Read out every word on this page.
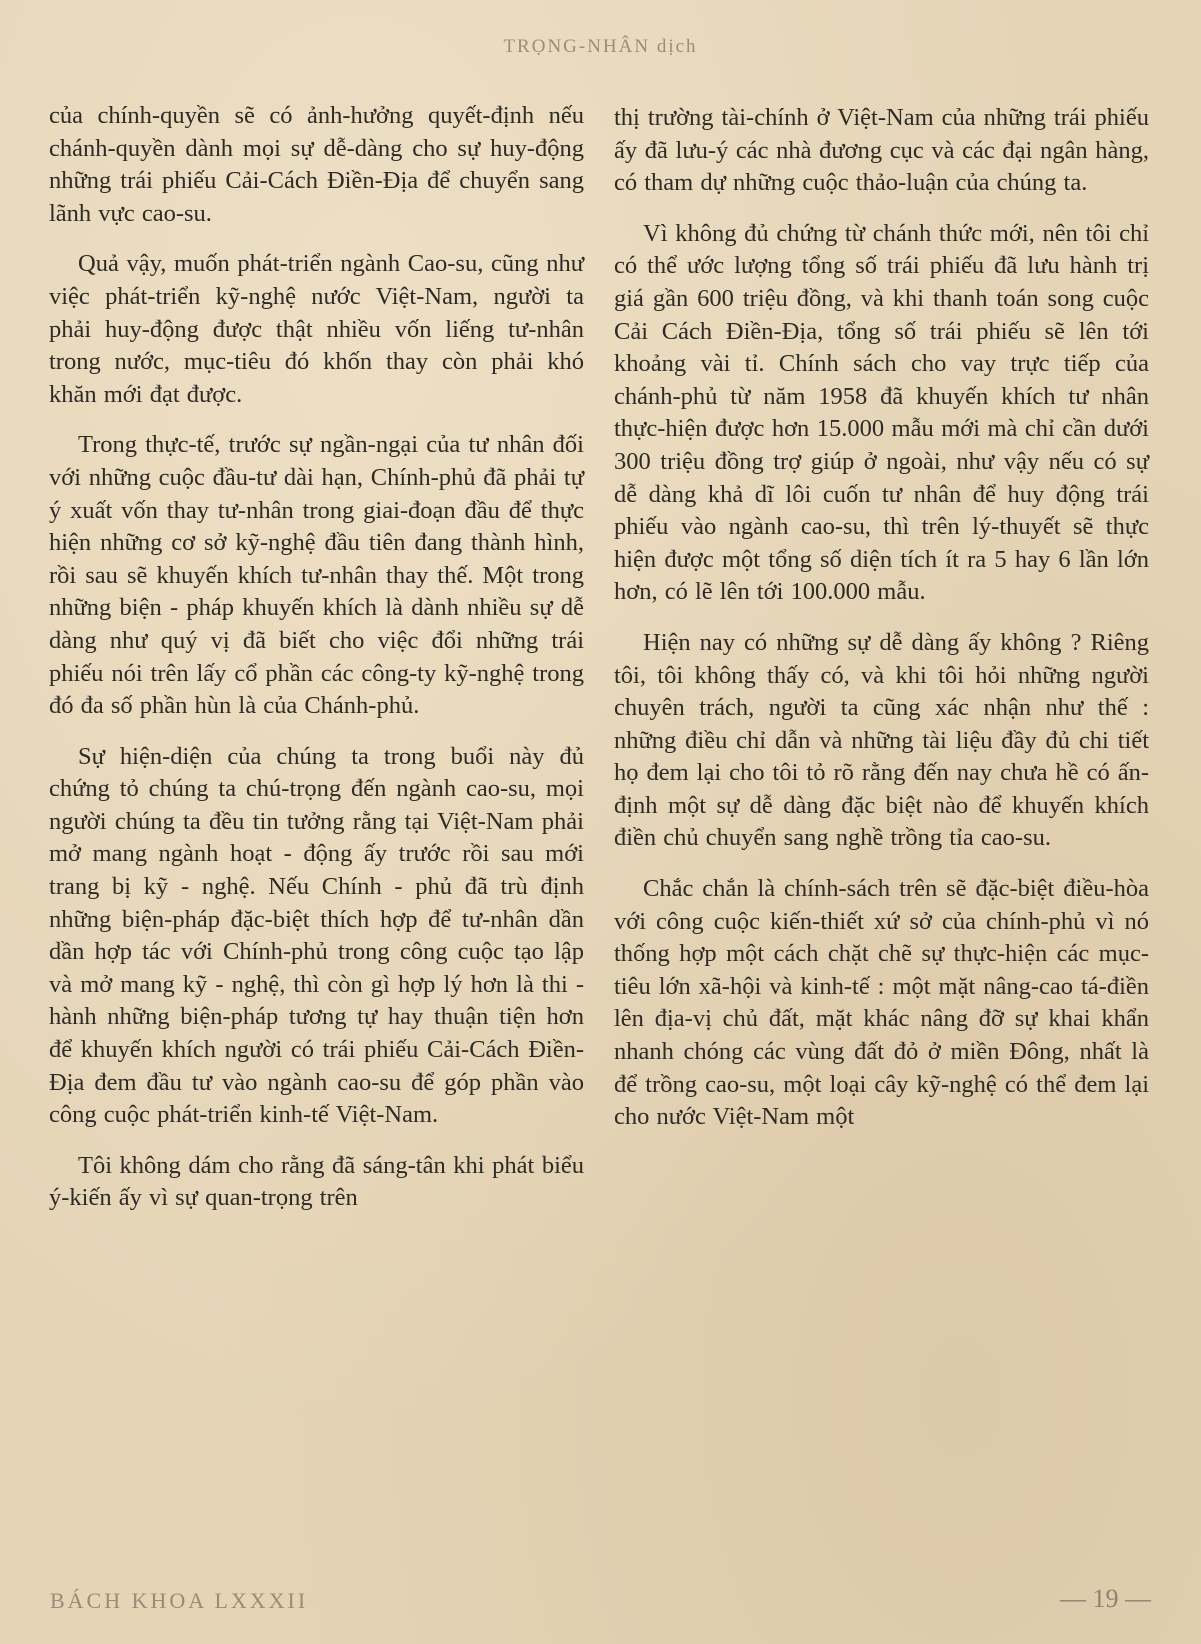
TRỌNG-NHÂN dịch

của chính-quyền sẽ có ảnh-hưởng quyết-định nếu chánh-quyền dành mọi sự dễ-dàng cho sự huy-động những trái phiếu Cải-Cách Điền-Địa để chuyển sang lãnh vực cao-su.

Quả vậy, muốn phát-triển ngành Cao-su, cũng như việc phát-triển kỹ-nghệ nước Việt-Nam, người ta phải huy-động được thật nhiều vốn liếng tư-nhân trong nước, mục-tiêu đó khốn thay còn phải khó khăn mới đạt được.

Trong thực-tế, trước sự ngần-ngại của tư nhân đối với những cuộc đầu-tư dài hạn, Chính-phủ đã phải tự ý xuất vốn thay tư-nhân trong giai-đoạn đầu để thực hiện những cơ sở kỹ-nghệ đầu tiên đang thành hình, rồi sau sẽ khuyến khích tư-nhân thay thế. Một trong những biện - pháp khuyến khích là dành nhiều sự dễ dàng như quý vị đã biết cho việc đổi những trái phiếu nói trên lấy cổ phần các công-ty kỹ-nghệ trong đó đa số phần hùn là của Chánh-phủ.

Sự hiện-diện của chúng ta trong buổi này đủ chứng tỏ chúng ta chú-trọng đến ngành cao-su, mọi người chúng ta đều tin tưởng rằng tại Việt-Nam phải mở mang ngành hoạt - động ấy trước rồi sau mới trang bị kỹ - nghệ. Nếu Chính - phủ đã trù định những biện-pháp đặc-biệt thích hợp để tư-nhân dần dần hợp tác với Chính-phủ trong công cuộc tạo lập và mở mang kỹ - nghệ, thì còn gì hợp lý hơn là thi - hành những biện-pháp tương tự hay thuận tiện hơn để khuyến khích người có trái phiếu Cải-Cách Điền-Địa đem đầu tư vào ngành cao-su để góp phần vào công cuộc phát-triển kinh-tế Việt-Nam.

Tôi không dám cho rằng đã sáng-tân khi phát biểu ý-kiến ấy vì sự quan-trọng trên

thị trường tài-chính ở Việt-Nam của những trái phiếu ấy đã lưu-ý các nhà đương cục và các đại ngân hàng, có tham dự những cuộc thảo-luận của chúng ta.

Vì không đủ chứng từ chánh thức mới, nên tôi chỉ có thể ước lượng tổng số trái phiếu đã lưu hành trị giá gần 600 triệu đồng, và khi thanh toán song cuộc Cải Cách Điền-Địa, tổng số trái phiếu sẽ lên tới khoảng vài tỉ. Chính sách cho vay trực tiếp của chánh-phủ từ năm 1958 đã khuyến khích tư nhân thực-hiện được hơn 15.000 mẫu mới mà chỉ cần dưới 300 triệu đồng trợ giúp ở ngoài, như vậy nếu có sự dễ dàng khả dĩ lôi cuốn tư nhân để huy động trái phiếu vào ngành cao-su, thì trên lý-thuyết sẽ thực hiện được một tổng số diện tích ít ra 5 hay 6 lần lớn hơn, có lẽ lên tới 100.000 mẫu.

Hiện nay có những sự dễ dàng ấy không ? Riêng tôi, tôi không thấy có, và khi tôi hỏi những người chuyên trách, người ta cũng xác nhận như thế : những điều chỉ dẫn và những tài liệu đầy đủ chi tiết họ đem lại cho tôi tỏ rõ rằng đến nay chưa hề có ấn-định một sự dễ dàng đặc biệt nào để khuyến khích điền chủ chuyển sang nghề trồng tỉa cao-su.

Chắc chắn là chính-sách trên sẽ đặc-biệt điều-hòa với công cuộc kiến-thiết xứ sở của chính-phủ vì nó thống hợp một cách chặt chẽ sự thực-hiện các mục-tiêu lớn xã-hội và kinh-tế : một mặt nâng-cao tá-điền lên địa-vị chủ đất, mặt khác nâng đỡ sự khai khẩn nhanh chóng các vùng đất đỏ ở miền Đông, nhất là để trồng cao-su, một loại cây kỹ-nghệ có thể đem lại cho nước Việt-Nam một

BÁCH KHOA LXXXII	— 19 —
